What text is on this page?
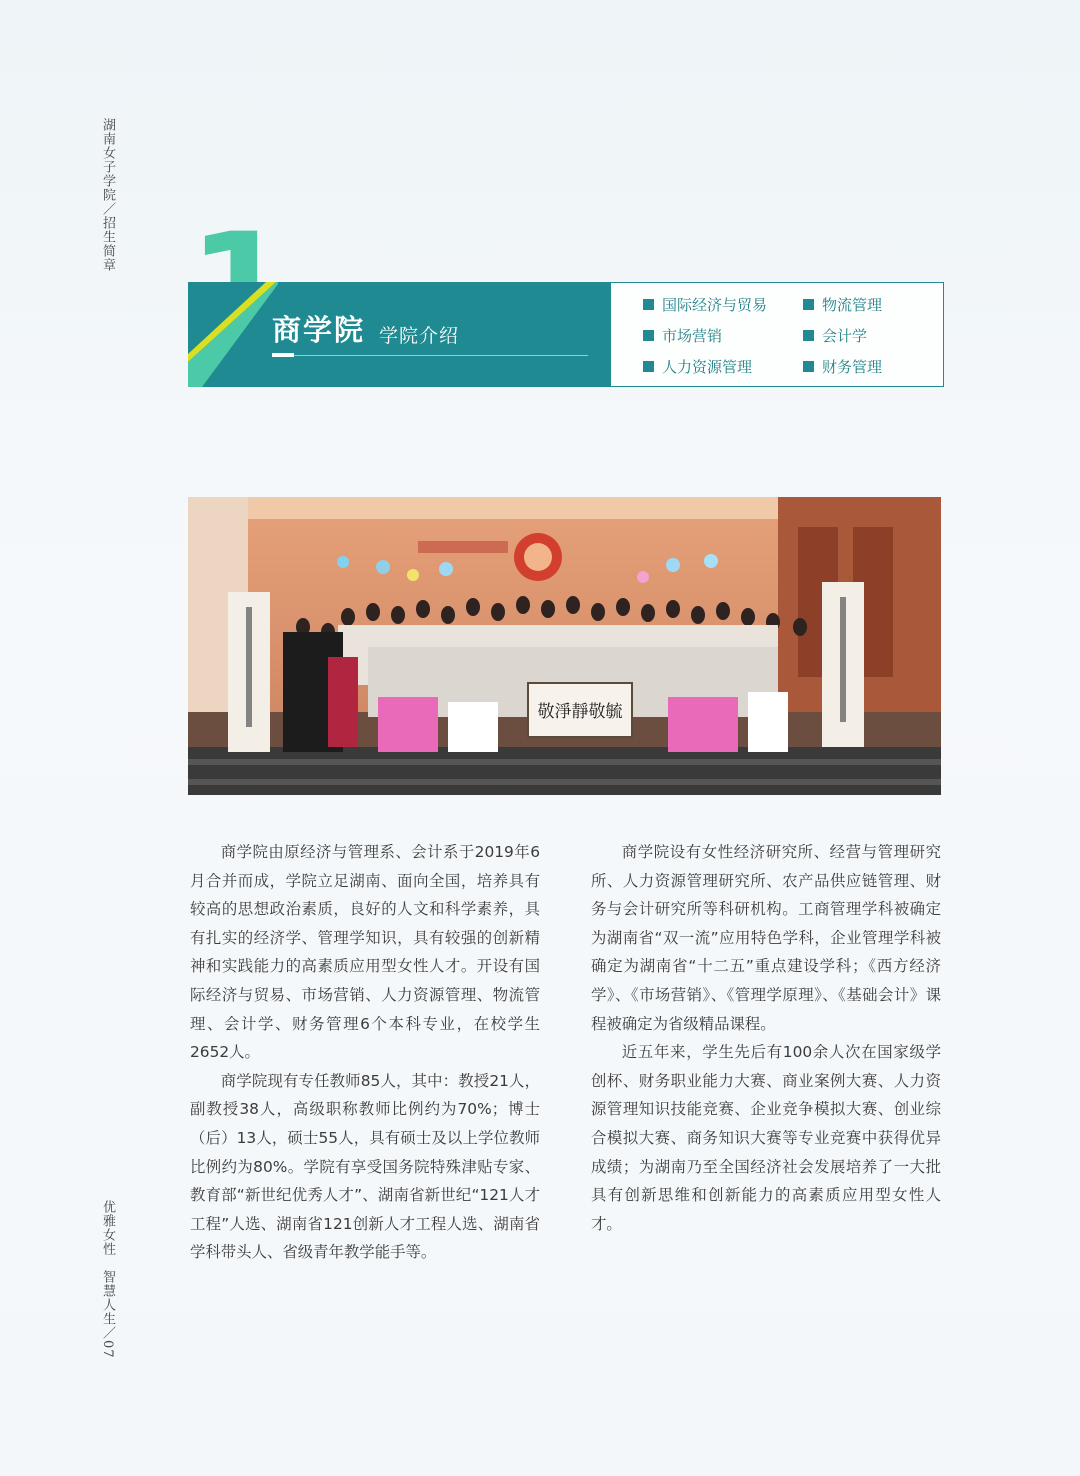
湖南女子学院／招生简章
优雅女性　智慧人生／07
商学院 学院介绍
国际经济与贸易	物流管理
市场营销	会计学
人力资源管理	财务管理
敬淨靜敬毓

商学院由原经济与管理系、会计系于2019年6月合并而成，学院立足湖南、面向全国，培养具有较高的思想政治素质，良好的人文和科学素养，具有扎实的经济学、管理学知识，具有较强的创新精神和实践能力的高素质应用型女性人才。开设有国际经济与贸易、市场营销、人力资源管理、物流管理、会计学、财务管理6个本科专业，在校学生2652人。

商学院现有专任教师85人，其中：教授21人，副教授38人，高级职称教师比例约为70%；博士（后）13人，硕士55人，具有硕士及以上学位教师比例约为80%。学院有享受国务院特殊津贴专家、教育部“新世纪优秀人才”、湖南省新世纪“121人才工程”人选、湖南省121创新人才工程人选、湖南省学科带头人、省级青年教学能手等。

商学院设有女性经济研究所、经营与管理研究所、人力资源管理研究所、农产品供应链管理、财务与会计研究所等科研机构。工商管理学科被确定为湖南省“双一流”应用特色学科，企业管理学科被确定为湖南省“十二五”重点建设学科；《西方经济学》、《市场营销》、《管理学原理》、《基础会计》课程被确定为省级精品课程。

近五年来，学生先后有100余人次在国家级学创杯、财务职业能力大赛、商业案例大赛、人力资源管理知识技能竞赛、企业竞争模拟大赛、创业综合模拟大赛、商务知识大赛等专业竞赛中获得优异成绩；为湖南乃至全国经济社会发展培养了一大批具有创新思维和创新能力的高素质应用型女性人才。
